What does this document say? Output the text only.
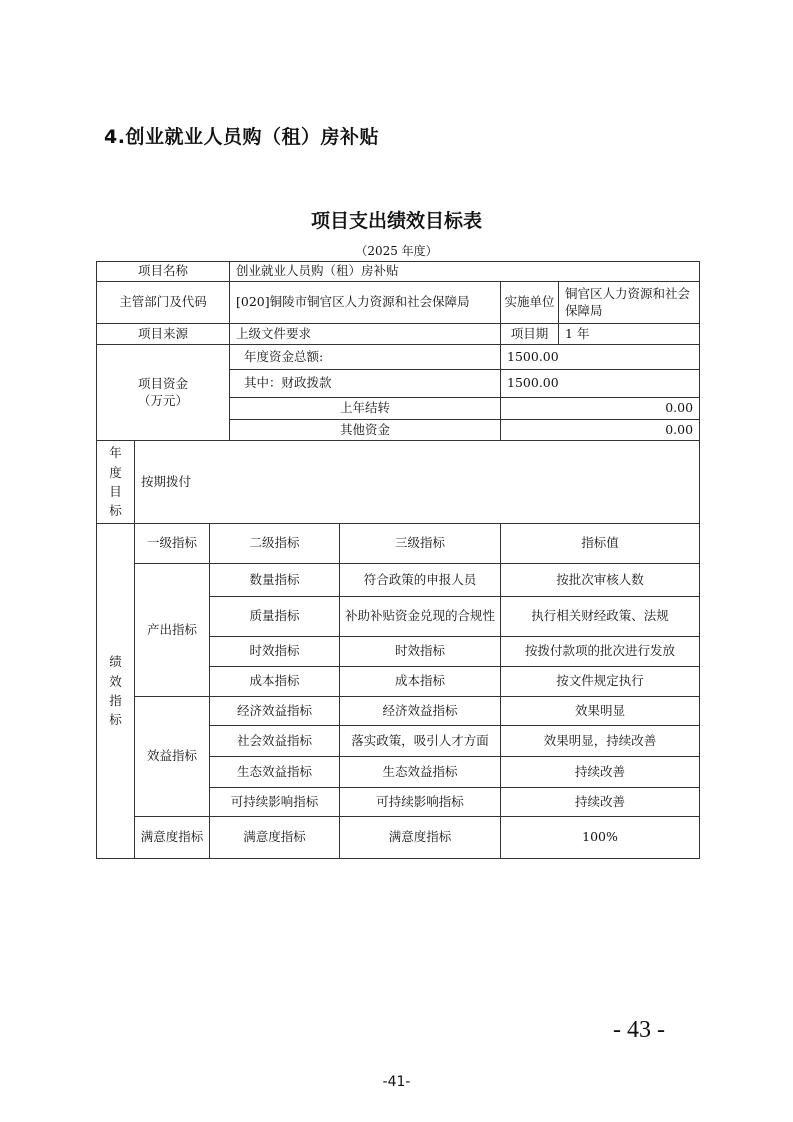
4.创业就业人员购（租）房补贴
项目支出绩效目标表
（2025 年度）
项目名称			创业就业人员购（租）房补贴			
主管部门及代码			[020]铜陵市铜官区人力资源和社会保障局		实施单位	铜官区人力资源和社会保障局
项目来源			上级文件要求		项目期	1 年

项目资金
（万元）			年度资金总额:		1500.00	
			其中：财政拨款		1500.00	
			上年结转		0.00	
			其他资金		0.00	

年
度
目
标	按期拨付					

绩
效
指
标	一级指标	二级指标		三级指标	指标值	
	产出指标	数量指标		符合政策的申报人员	按批次审核人数	
		质量指标		补助补贴资金兑现的合规性	执行相关财经政策、法规	
		时效指标		时效指标	按拨付款项的批次进行发放	
		成本指标		成本指标	按文件规定执行	
	效益指标	经济效益指标		经济效益指标	效果明显	
		社会效益指标		落实政策，吸引人才方面	效果明显，持续改善	
		生态效益指标		生态效益指标	持续改善	
		可持续影响指标		可持续影响指标	持续改善	
	满意度指标	满意度指标		满意度指标	100%	
- 43 -
-41-
